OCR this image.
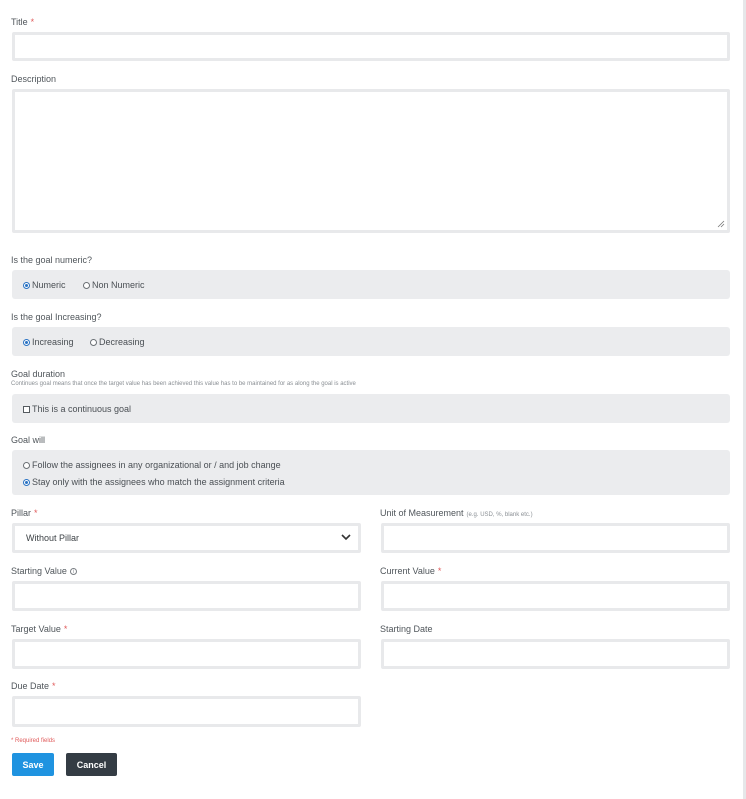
Title *
Description
Is the goal numeric?
Numeric	Non Numeric
Is the goal Increasing?
Increasing	Decreasing
Goal duration
Continues goal means that once the target value has been achieved this value has to be maintained for as along the goal is active
This is a continuous goal
Goal will
Follow the assignees in any organizational or / and job change
Stay only with the assignees who match the assignment criteria
Pillar *
Without Pillar
Unit of Measurement (e.g. USD, %, blank etc.)
Starting Value i	Current Value *
Target Value *	Starting Date
Due Date *
* Required fields
Save	Cancel
